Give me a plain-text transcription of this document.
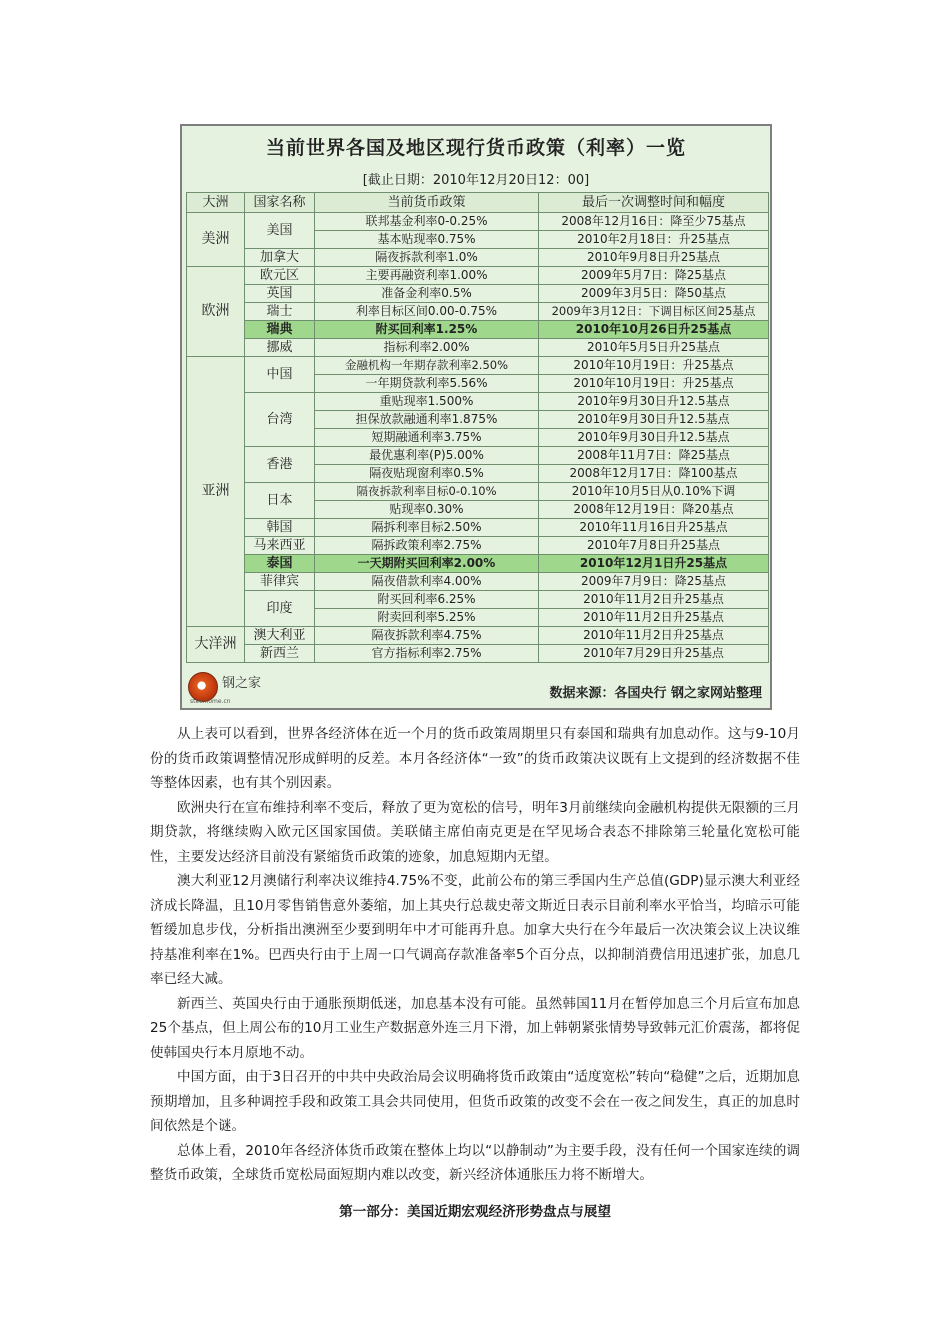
当前世界各国及地区现行货币政策（利率）一览
[截止日期：2010年12月20日12：00]
大洲	国家名称	当前货币政策	最后一次调整时间和幅度
美洲	美国	联邦基金利率0-0.25%	2008年12月16日：降至少75基点
		基本贴现率0.75%	2010年2月18日：升25基点
	加拿大	隔夜拆款利率1.0%	2010年9月8日升25基点
欧洲	欧元区	主要再融资利率1.00%	2009年5月7日：降25基点
	英国	准备金利率0.5%	2009年3月5日：降50基点
	瑞士	利率目标区间0.00-0.75%	2009年3月12日：下调目标区间25基点
	瑞典	附买回利率1.25%	2010年10月26日升25基点
	挪威	指标利率2.00%	2010年5月5日升25基点
亚洲	中国	金融机构一年期存款利率2.50%	2010年10月19日：升25基点
		一年期贷款利率5.56%	2010年10月19日：升25基点
	台湾	重贴现率1.500%	2010年9月30日升12.5基点
		担保放款融通利率1.875%	2010年9月30日升12.5基点
		短期融通利率3.75%	2010年9月30日升12.5基点
	香港	最优惠利率(P)5.00%	2008年11月7日：降25基点
		隔夜贴现窗利率0.5%	2008年12月17日：降100基点
	日本	隔夜拆款利率目标0-0.10%	2010年10月5日从0.10%下调
		贴现率0.30%	2008年12月19日：降20基点
	韩国	隔拆利率目标2.50%	2010年11月16日升25基点
	马来西亚	隔拆政策利率2.75%	2010年7月8日升25基点
	泰国	一天期附买回利率2.00%	2010年12月1日升25基点
	菲律宾	隔夜借款利率4.00%	2009年7月9日：降25基点
	印度	附买回利率6.25%	2010年11月2日升25基点
		附卖回利率5.25%	2010年11月2日升25基点
大洋洲	澳大利亚	隔夜拆款利率4.75%	2010年11月2日升25基点
	新西兰	官方指标利率2.75%	2010年7月29日升25基点
钢之家
steelhome.cn
数据来源：各国央行 钢之家网站整理

从上表可以看到，世界各经济体在近一个月的货币政策周期里只有泰国和瑞典有加息动作。这与9-10月份的货币政策调整情况形成鲜明的反差。本月各经济体“一致”的货币政策决议既有上文提到的经济数据不佳等整体因素，也有其个别因素。

欧洲央行在宣布维持利率不变后，释放了更为宽松的信号，明年3月前继续向金融机构提供无限额的三月期贷款，将继续购入欧元区国家国债。美联储主席伯南克更是在罕见场合表态不排除第三轮量化宽松可能性，主要发达经济目前没有紧缩货币政策的迹象，加息短期内无望。

澳大利亚12月澳储行利率决议维持4.75%不变，此前公布的第三季国内生产总值(GDP)显示澳大利亚经济成长降温，且10月零售销售意外萎缩，加上其央行总裁史蒂文斯近日表示目前利率水平恰当，均暗示可能暂缓加息步伐，分析指出澳洲至少要到明年中才可能再升息。加拿大央行在今年最后一次决策会议上决议维持基准利率在1%。巴西央行由于上周一口气调高存款准备率5个百分点，以抑制消费信用迅速扩张，加息几率已经大减。

新西兰、英国央行由于通胀预期低迷，加息基本没有可能。虽然韩国11月在暂停加息三个月后宣布加息25个基点，但上周公布的10月工业生产数据意外连三月下滑，加上韩朝紧张情势导致韩元汇价震荡，都将促使韩国央行本月原地不动。

中国方面，由于3日召开的中共中央政治局会议明确将货币政策由“适度宽松”转向“稳健”之后，近期加息预期增加，且多种调控手段和政策工具会共同使用，但货币政策的改变不会在一夜之间发生，真正的加息时间依然是个谜。

总体上看，2010年各经济体货币政策在整体上均以“以静制动”为主要手段，没有任何一个国家连续的调整货币政策，全球货币宽松局面短期内难以改变，新兴经济体通胀压力将不断增大。

第一部分：美国近期宏观经济形势盘点与展望
